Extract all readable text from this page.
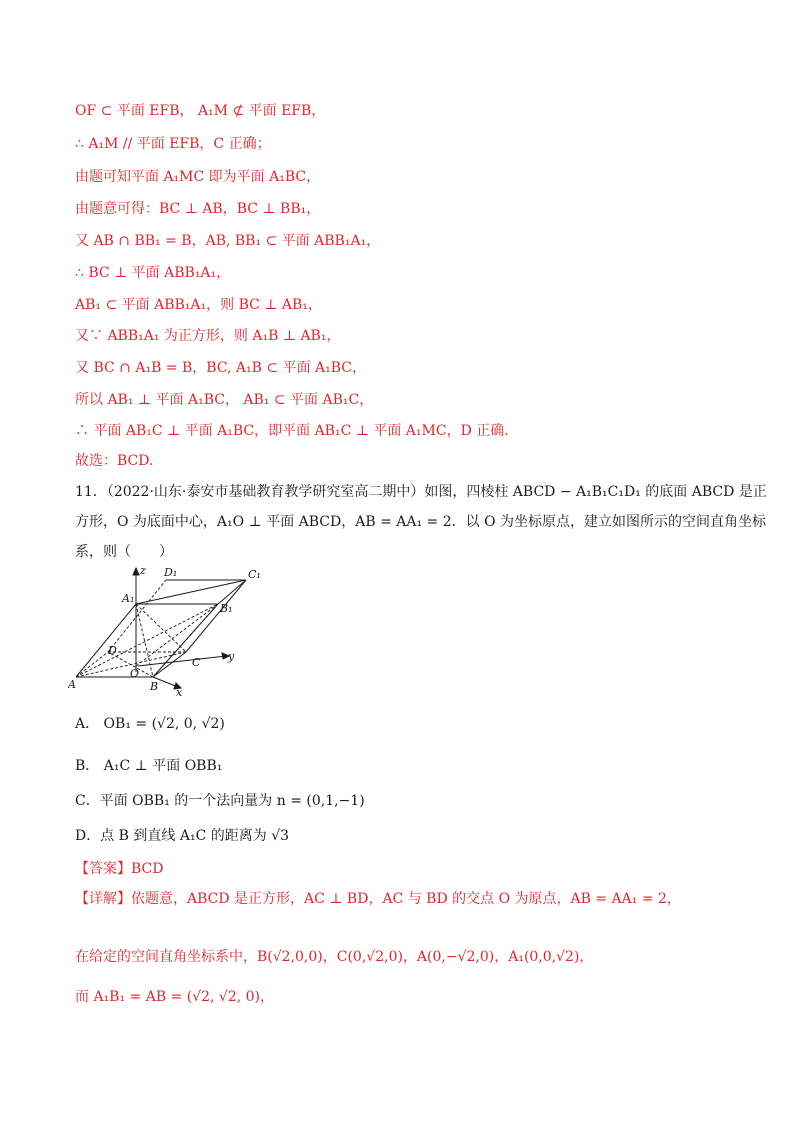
OF ⊂ 平面 EFB， A₁M ⊄ 平面 EFB，
∴ A₁M // 平面 EFB，C 正确；
由题可知平面 A₁MC 即为平面 A₁BC，
由题意可得：BC ⊥ AB，BC ⊥ BB₁，
又 AB ∩ BB₁ = B，AB, BB₁ ⊂ 平面 ABB₁A₁，
∴ BC ⊥ 平面 ABB₁A₁，
AB₁ ⊂ 平面 ABB₁A₁，则 BC ⊥ AB₁，
又∵ ABB₁A₁ 为正方形，则 A₁B ⊥ AB₁，
又 BC ∩ A₁B = B，BC, A₁B ⊂ 平面 A₁BC，
所以 AB₁ ⊥ 平面 A₁BC， AB₁ ⊂ 平面 AB₁C，
∴ 平面 AB₁C ⊥ 平面 A₁BC，即平面 AB₁C ⊥ 平面 A₁MC，D 正确.
故选：BCD.
11．（2022·山东·泰安市基础教育教学研究室高二期中）如图，四棱柱 ABCD − A₁B₁C₁D₁ 的底面 ABCD 是正
方形，O 为底面中心，A₁O ⊥ 平面 ABCD，AB = AA₁ = 2．以 O 为坐标原点，建立如图所示的空间直角坐标
系，则（　　）
z D₁	C₁
A₁
B₁
D
C
O
y
A	B x
A． OB₁ = (√2, 0, √2)
B． A₁C ⊥ 平面 OBB₁
C．平面 OBB₁ 的一个法向量为 n = (0,1,−1)
D．点 B 到直线 A₁C 的距离为 √3
【答案】BCD
【详解】依题意，ABCD 是正方形，AC ⊥ BD，AC 与 BD 的交点 O 为原点，AB = AA₁ = 2，
在给定的空间直角坐标系中，B(√2,0,0)，C(0,√2,0)，A(0,−√2,0)，A₁(0,0,√2)，
而 A₁B₁ = AB = (√2, √2, 0)，
